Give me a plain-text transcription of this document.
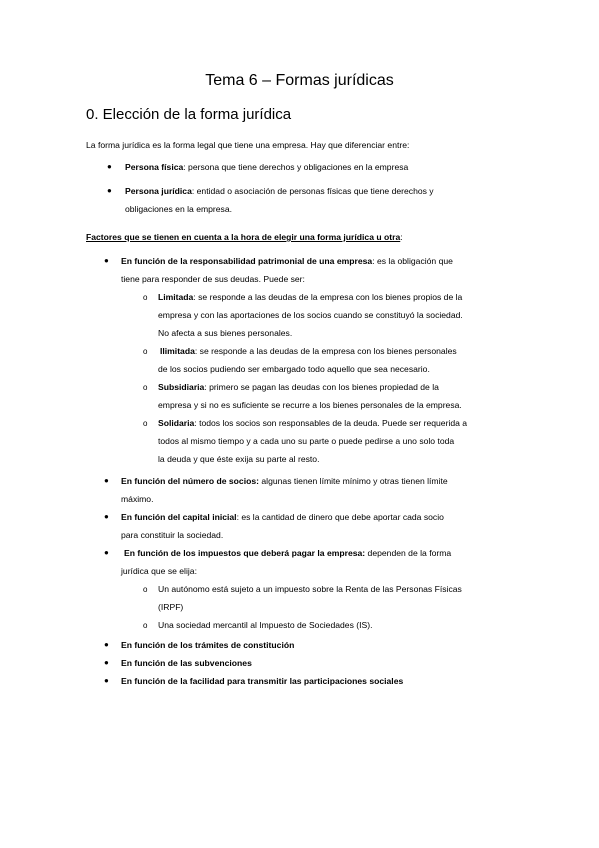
Tema 6 – Formas jurídicas
0. Elección de la forma jurídica

La forma jurídica es la forma legal que tiene una empresa. Hay que diferenciar entre:

● Persona física: persona que tiene derechos y obligaciones en la empresa
● Persona jurídica: entidad o asociación de personas físicas que tiene derechos y
obligaciones en la empresa.
Factores que se tienen en cuenta a la hora de elegir una forma jurídica u otra:
● En función de la responsabilidad patrimonial de una empresa: es la obligación que
tiene para responder de sus deudas. Puede ser:
o Limitada: se responde a las deudas de la empresa con los bienes propios de la
empresa y con las aportaciones de los socios cuando se constituyó la sociedad.
No afecta a sus bienes personales.
o Ilimitada: se responde a las deudas de la empresa con los bienes personales
de los socios pudiendo ser embargado todo aquello que sea necesario.
o Subsidiaria: primero se pagan las deudas con los bienes propiedad de la
empresa y si no es suficiente se recurre a los bienes personales de la empresa.
o Solidaria: todos los socios son responsables de la deuda. Puede ser requerida a
todos al mismo tiempo y a cada uno su parte o puede pedirse a uno solo toda
la deuda y que éste exija su parte al resto.
● En función del número de socios: algunas tienen límite mínimo y otras tienen límite
máximo.
● En función del capital inicial: es la cantidad de dinero que debe aportar cada socio
para constituir la sociedad.
● En función de los impuestos que deberá pagar la empresa: dependen de la forma
jurídica que se elija:
o Un autónomo está sujeto a un impuesto sobre la Renta de las Personas Físicas
(IRPF)
o Una sociedad mercantil al Impuesto de Sociedades (IS).
● En función de los trámites de constitución
● En función de las subvenciones
● En función de la facilidad para transmitir las participaciones sociales
